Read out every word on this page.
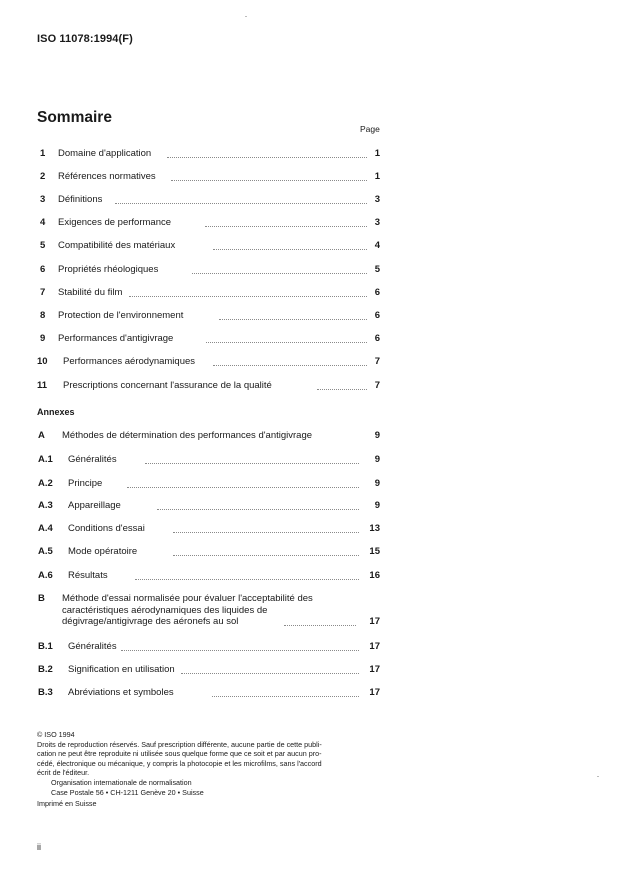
ISO 11078:1994(F)
Sommaire
Page
1 Domaine d'application	1
2 Références normatives	1
3 Définitions	3
4 Exigences de performance	3
5 Compatibilité des matériaux	4
6 Propriétés rhéologiques	5
7 Stabilité du film	6
8 Protection de l'environnement	6
9 Performances d'antigivrage	6
10 Performances aérodynamiques	7
11 Prescriptions concernant l'assurance de la qualité	7
Annexes
A Méthodes de détermination des performances d'antigivrage	9
A.1 Généralités	9
A.2 Principe	9
A.3 Appareillage	9
A.4 Conditions d'essai	13
A.5 Mode opératoire	15
A.6 Résultats	16
B Méthode d'essai normalisée pour évaluer l'acceptabilité des
caractéristiques aérodynamiques des liquides de
dégivrage/antigivrage des aéronefs au sol	17
B.1 Généralités	17
B.2 Signification en utilisation	17
B.3 Abréviations et symboles	17
© ISO 1994
Droits de reproduction réservés. Sauf prescription différente, aucune partie de cette publi-
cation ne peut être reproduite ni utilisée sous quelque forme que ce soit et par aucun pro-
cédé, électronique ou mécanique, y compris la photocopie et les microfilms, sans l'accord
écrit de l'éditeur.
Organisation internationale de normalisation
Case Postale 56 • CH-1211 Genève 20 • Suisse
Imprimé en Suisse
ii
